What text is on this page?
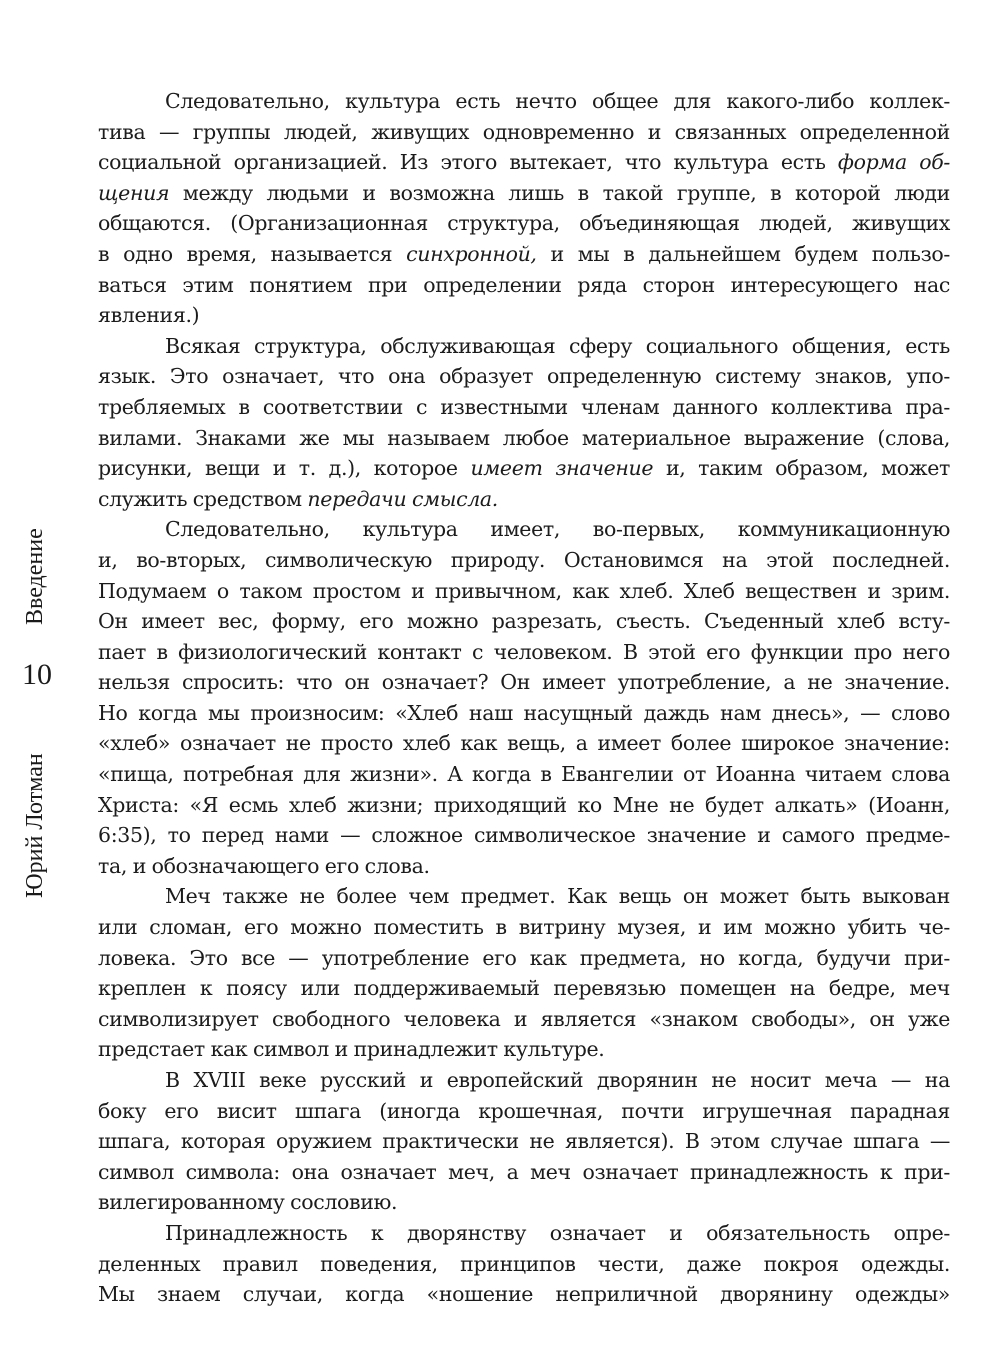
Введение
10
Юрий Лотман
Следовательно, культура есть нечто общее для какого-либо коллек-
тива — группы людей, живущих одновременно и связанных определенной
социальной организацией. Из этого вытекает, что культура есть форма об-
щения между людьми и возможна лишь в такой группе, в которой люди
общаются. (Организационная структура, объединяющая людей, живущих
в одно время, называется синхронной, и мы в дальнейшем будем пользо-
ваться этим понятием при определении ряда сторон интересующего нас
явления.)
Всякая структура, обслуживающая сферу социального общения, есть
язык. Это означает, что она образует определенную систему знаков, упо-
требляемых в соответствии с известными членам данного коллектива пра-
вилами. Знаками же мы называем любое материальное выражение (слова,
рисунки, вещи и т. д.), которое имеет значение и, таким образом, может
служить средством передачи смысла.
Следовательно, культура имеет, во-первых, коммуникационную
и, во-вторых, символическую природу. Остановимся на этой последней.
Подумаем о таком простом и привычном, как хлеб. Хлеб веществен и зрим.
Он имеет вес, форму, его можно разрезать, съесть. Съеденный хлеб всту-
пает в физиологический контакт с человеком. В этой его функции про него
нельзя спросить: что он означает? Он имеет употребление, а не значение.
Но когда мы произносим: «Хлеб наш насущный даждь нам днесь», — слово
«хлеб» означает не просто хлеб как вещь, а имеет более широкое значение:
«пища, потребная для жизни». А когда в Евангелии от Иоанна читаем слова
Христа: «Я есмь хлеб жизни; приходящий ко Мне не будет алкать» (Иоанн,
6:35), то перед нами — сложное символическое значение и самого предме-
та, и обозначающего его слова.
Меч также не более чем предмет. Как вещь он может быть выкован
или сломан, его можно поместить в витрину музея, и им можно убить че-
ловека. Это все — употребление его как предмета, но когда, будучи при-
креплен к поясу или поддерживаемый перевязью помещен на бедре, меч
символизирует свободного человека и является «знаком свободы», он уже
предстает как символ и принадлежит культуре.
В XVIII веке русский и европейский дворянин не носит меча — на
боку его висит шпага (иногда крошечная, почти игрушечная парадная
шпага, которая оружием практически не является). В этом случае шпага —
символ символа: она означает меч, а меч означает принадлежность к при-
вилегированному сословию.
Принадлежность к дворянству означает и обязательность опре-
деленных правил поведения, принципов чести, даже покроя одежды.
Мы знаем случаи, когда «ношение неприличной дворянину одежды»
